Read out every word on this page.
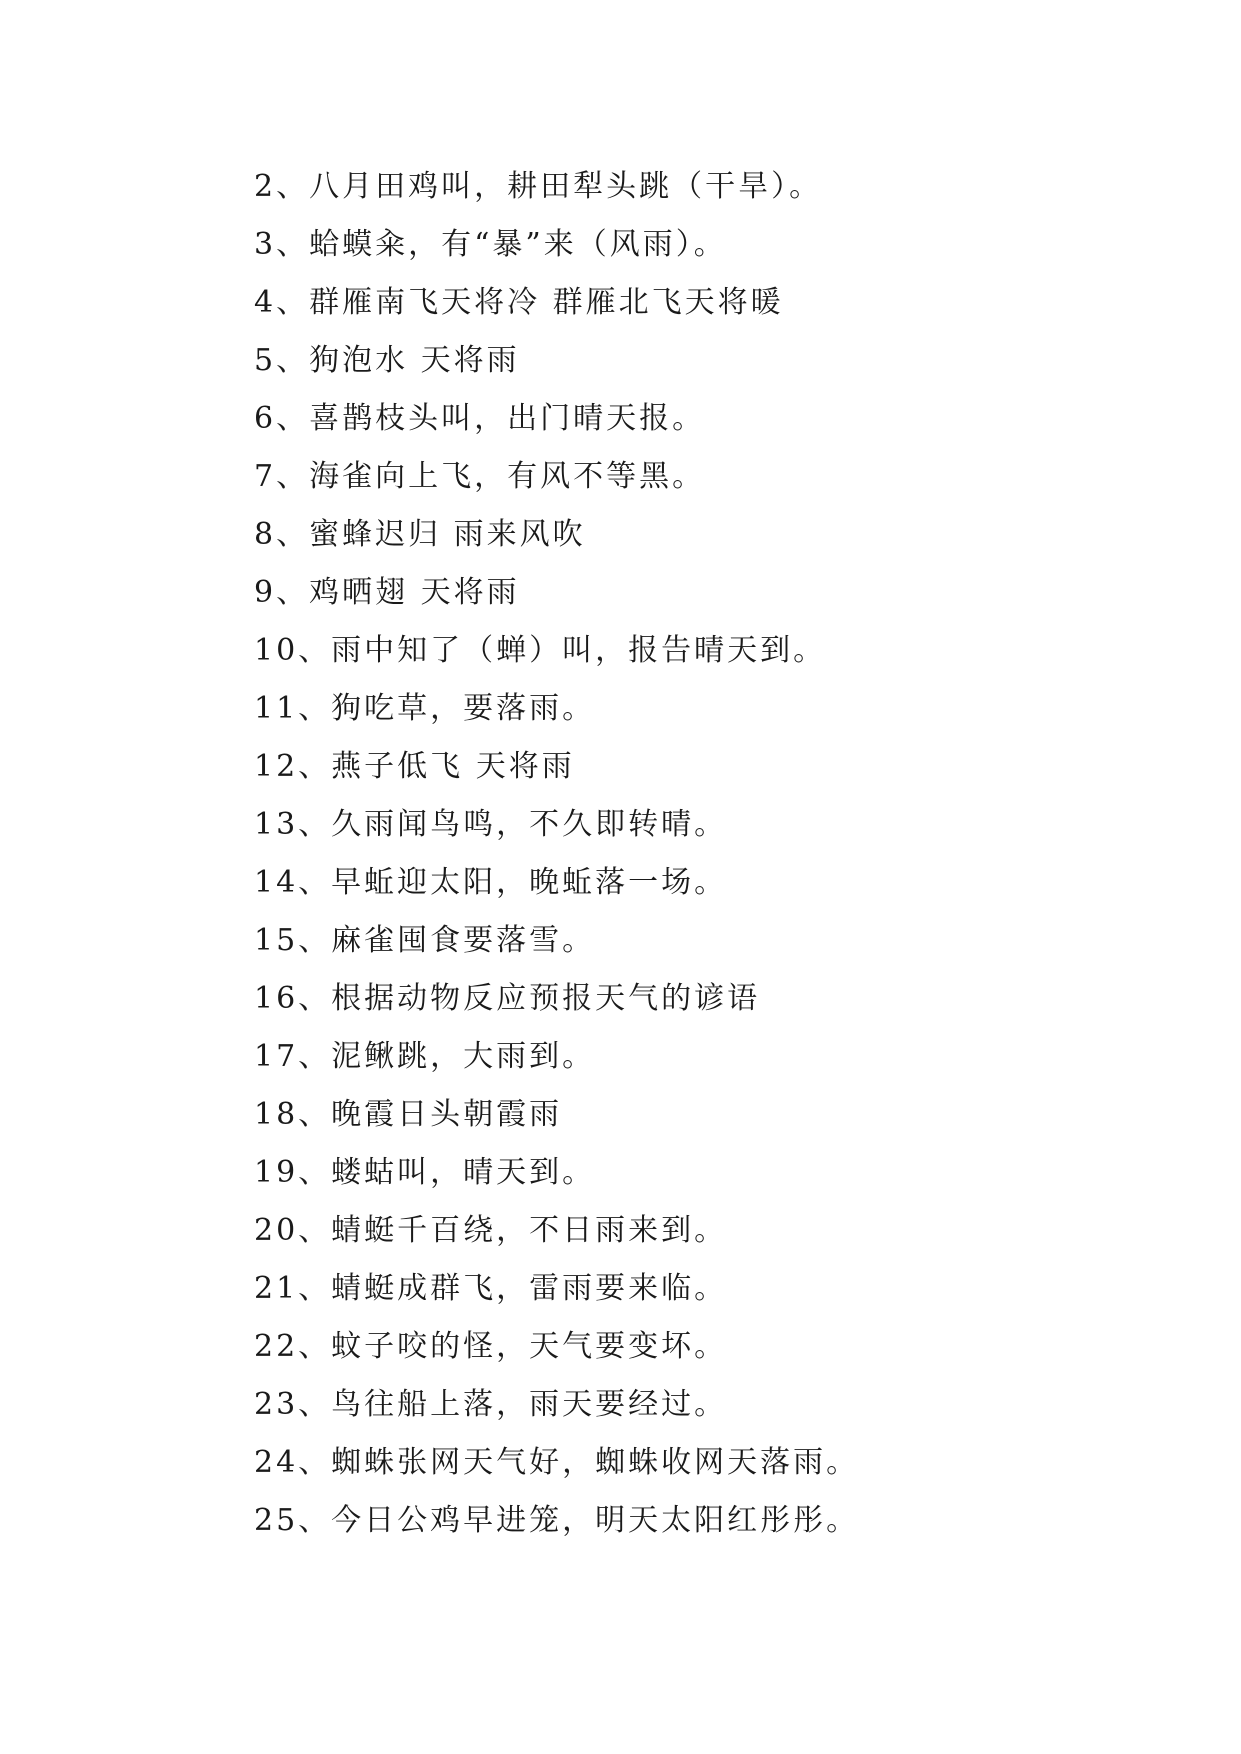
2、八月田鸡叫，耕田犁头跳（干旱）。
3、蛤蟆籴，有“暴”来（风雨）。
4、群雁南飞天将冷 群雁北飞天将暖
5、狗泡水 天将雨
6、喜鹊枝头叫，出门晴天报。
7、海雀向上飞，有风不等黑。
8、蜜蜂迟归 雨来风吹
9、鸡晒翅 天将雨
10、雨中知了（蝉）叫，报告晴天到。
11、狗吃草，要落雨。
12、燕子低飞 天将雨
13、久雨闻鸟鸣，不久即转晴。
14、早蚯迎太阳，晚蚯落一场。
15、麻雀囤食要落雪。
16、根据动物反应预报天气的谚语
17、泥鳅跳，大雨到。
18、晚霞日头朝霞雨
19、蝼蛄叫，晴天到。
20、蜻蜓千百绕，不日雨来到。
21、蜻蜓成群飞，雷雨要来临。
22、蚊子咬的怪，天气要变坏。
23、鸟往船上落，雨天要经过。
24、蜘蛛张网天气好，蜘蛛收网天落雨。
25、今日公鸡早进笼，明天太阳红彤彤。
